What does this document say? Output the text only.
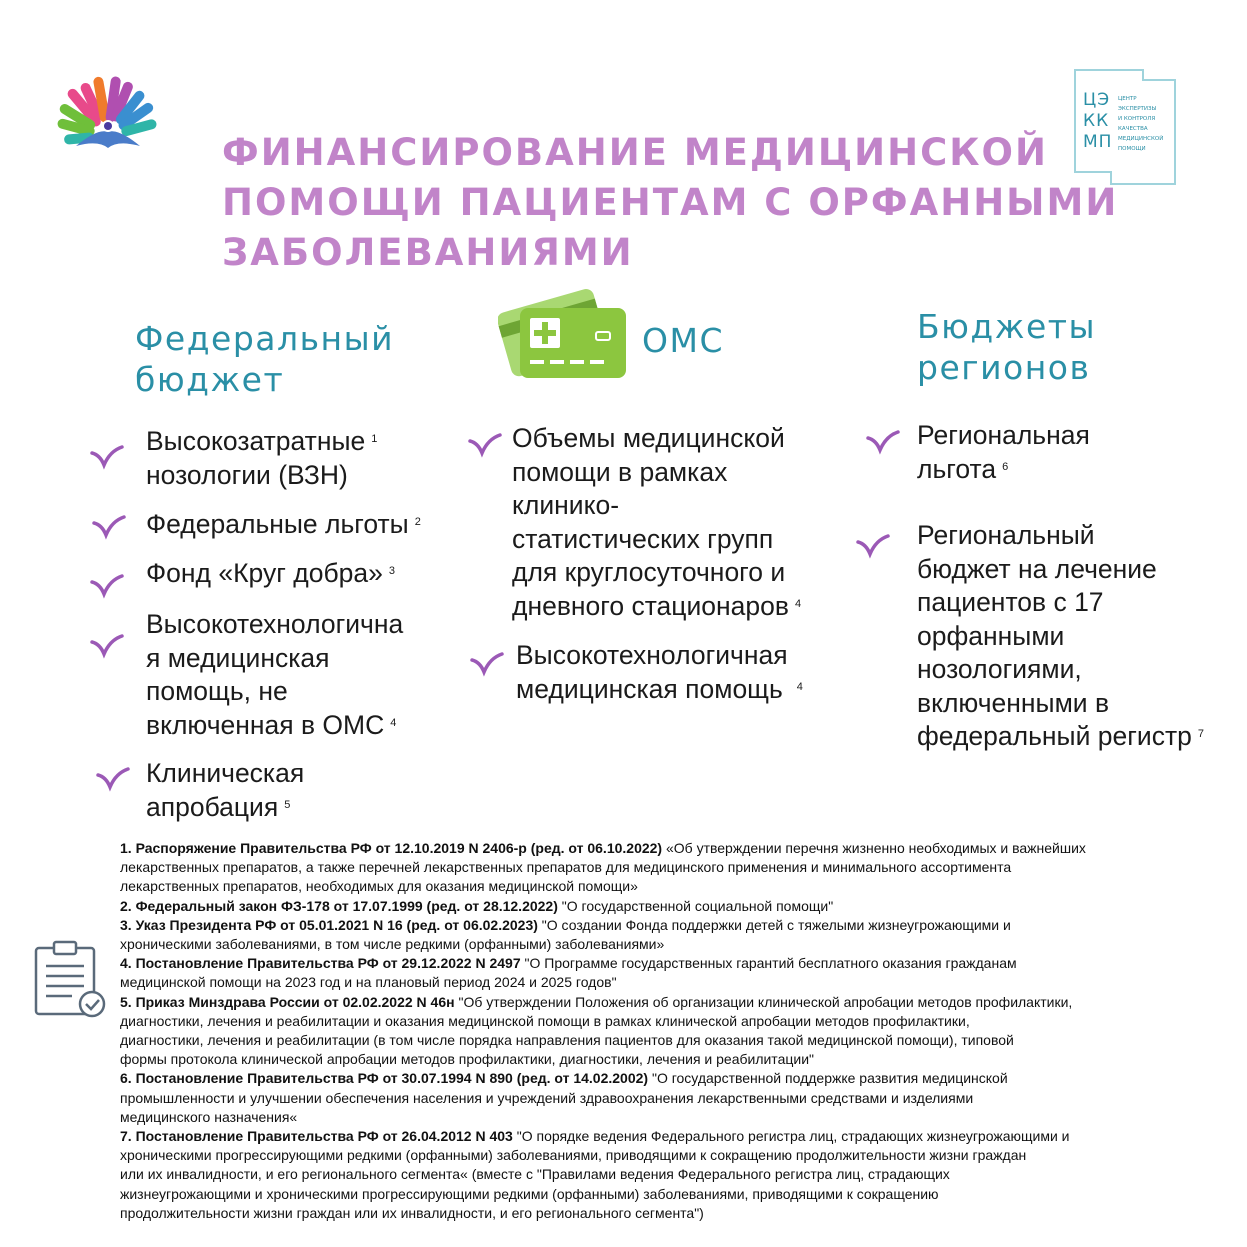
ФИНАНСИРОВАНИЕ МЕДИЦИНСКОЙ
ПОМОЩИ ПАЦИЕНТАМ С ОРФАННЫМИ
ЗАБОЛЕВАНИЯМИ
ЦЭ
КК
МП
ЦЕНТР
ЭКСПЕРТИЗЫ
И КОНТРОЛЯ
КАЧЕСТВА
МЕДИЦИНСКОЙ
ПОМОЩИ
Федеральный
бюджет
ОМС	Бюджеты
регионов
Высокозатратные $^1$
нозологии (ВЗН)
Федеральные льготы $^2$
Фонд «Круг добра» $^3$
Высокотехнологична
я медицинская
помощь, не
включенная в ОМС $^4$
Клиническая
апробация $^5$
Объемы медицинской
помощи в рамках
клинико-
статистических групп
для круглосуточного и
дневного стационаров $^4$
Высокотехнологичная
медицинская помощь $^4$
Региональная
льгота $^6$
Региональный
бюджет на лечение
пациентов с 17
орфанными
нозологиями,
включенными в
федеральный регистр $^7$
1. Распоряжение Правительства РФ от 12.10.2019 N 2406-р (ред. от 06.10.2022) «Об утверждении перечня жизненно необходимых и важнейших
лекарственных препаратов, а также перечней лекарственных препаратов для медицинского применения и минимального ассортимента
лекарственных препаратов, необходимых для оказания медицинской помощи»
2. Федеральный закон ФЗ-178 от 17.07.1999 (ред. от 28.12.2022) "О государственной социальной помощи"
3. Указ Президента РФ от 05.01.2021 N 16 (ред. от 06.02.2023) "О создании Фонда поддержки детей с тяжелыми жизнеугрожающими и
хроническими заболеваниями, в том числе редкими (орфанными) заболеваниями»
4. Постановление Правительства РФ от 29.12.2022 N 2497 "О Программе государственных гарантий бесплатного оказания гражданам
медицинской помощи на 2023 год и на плановый период 2024 и 2025 годов"
5. Приказ Минздрава России от 02.02.2022 N 46н "Об утверждении Положения об организации клинической апробации методов профилактики,
диагностики, лечения и реабилитации и оказания медицинской помощи в рамках клинической апробации методов профилактики,
диагностики, лечения и реабилитации (в том числе порядка направления пациентов для оказания такой медицинской помощи), типовой
формы протокола клинической апробации методов профилактики, диагностики, лечения и реабилитации"
6. Постановление Правительства РФ от 30.07.1994 N 890 (ред. от 14.02.2002) "О государственной поддержке развития медицинской
промышленности и улучшении обеспечения населения и учреждений здравоохранения лекарственными средствами и изделиями
медицинского назначения«
7. Постановление Правительства РФ от 26.04.2012 N 403 "О порядке ведения Федерального регистра лиц, страдающих жизнеугрожающими и
хроническими прогрессирующими редкими (орфанными) заболеваниями, приводящими к сокращению продолжительности жизни граждан
или их инвалидности, и его регионального сегмента« (вместе с "Правилами ведения Федерального регистра лиц, страдающих
жизнеугрожающими и хроническими прогрессирующими редкими (орфанными) заболеваниями, приводящими к сокращению
продолжительности жизни граждан или их инвалидности, и его регионального сегмента")
